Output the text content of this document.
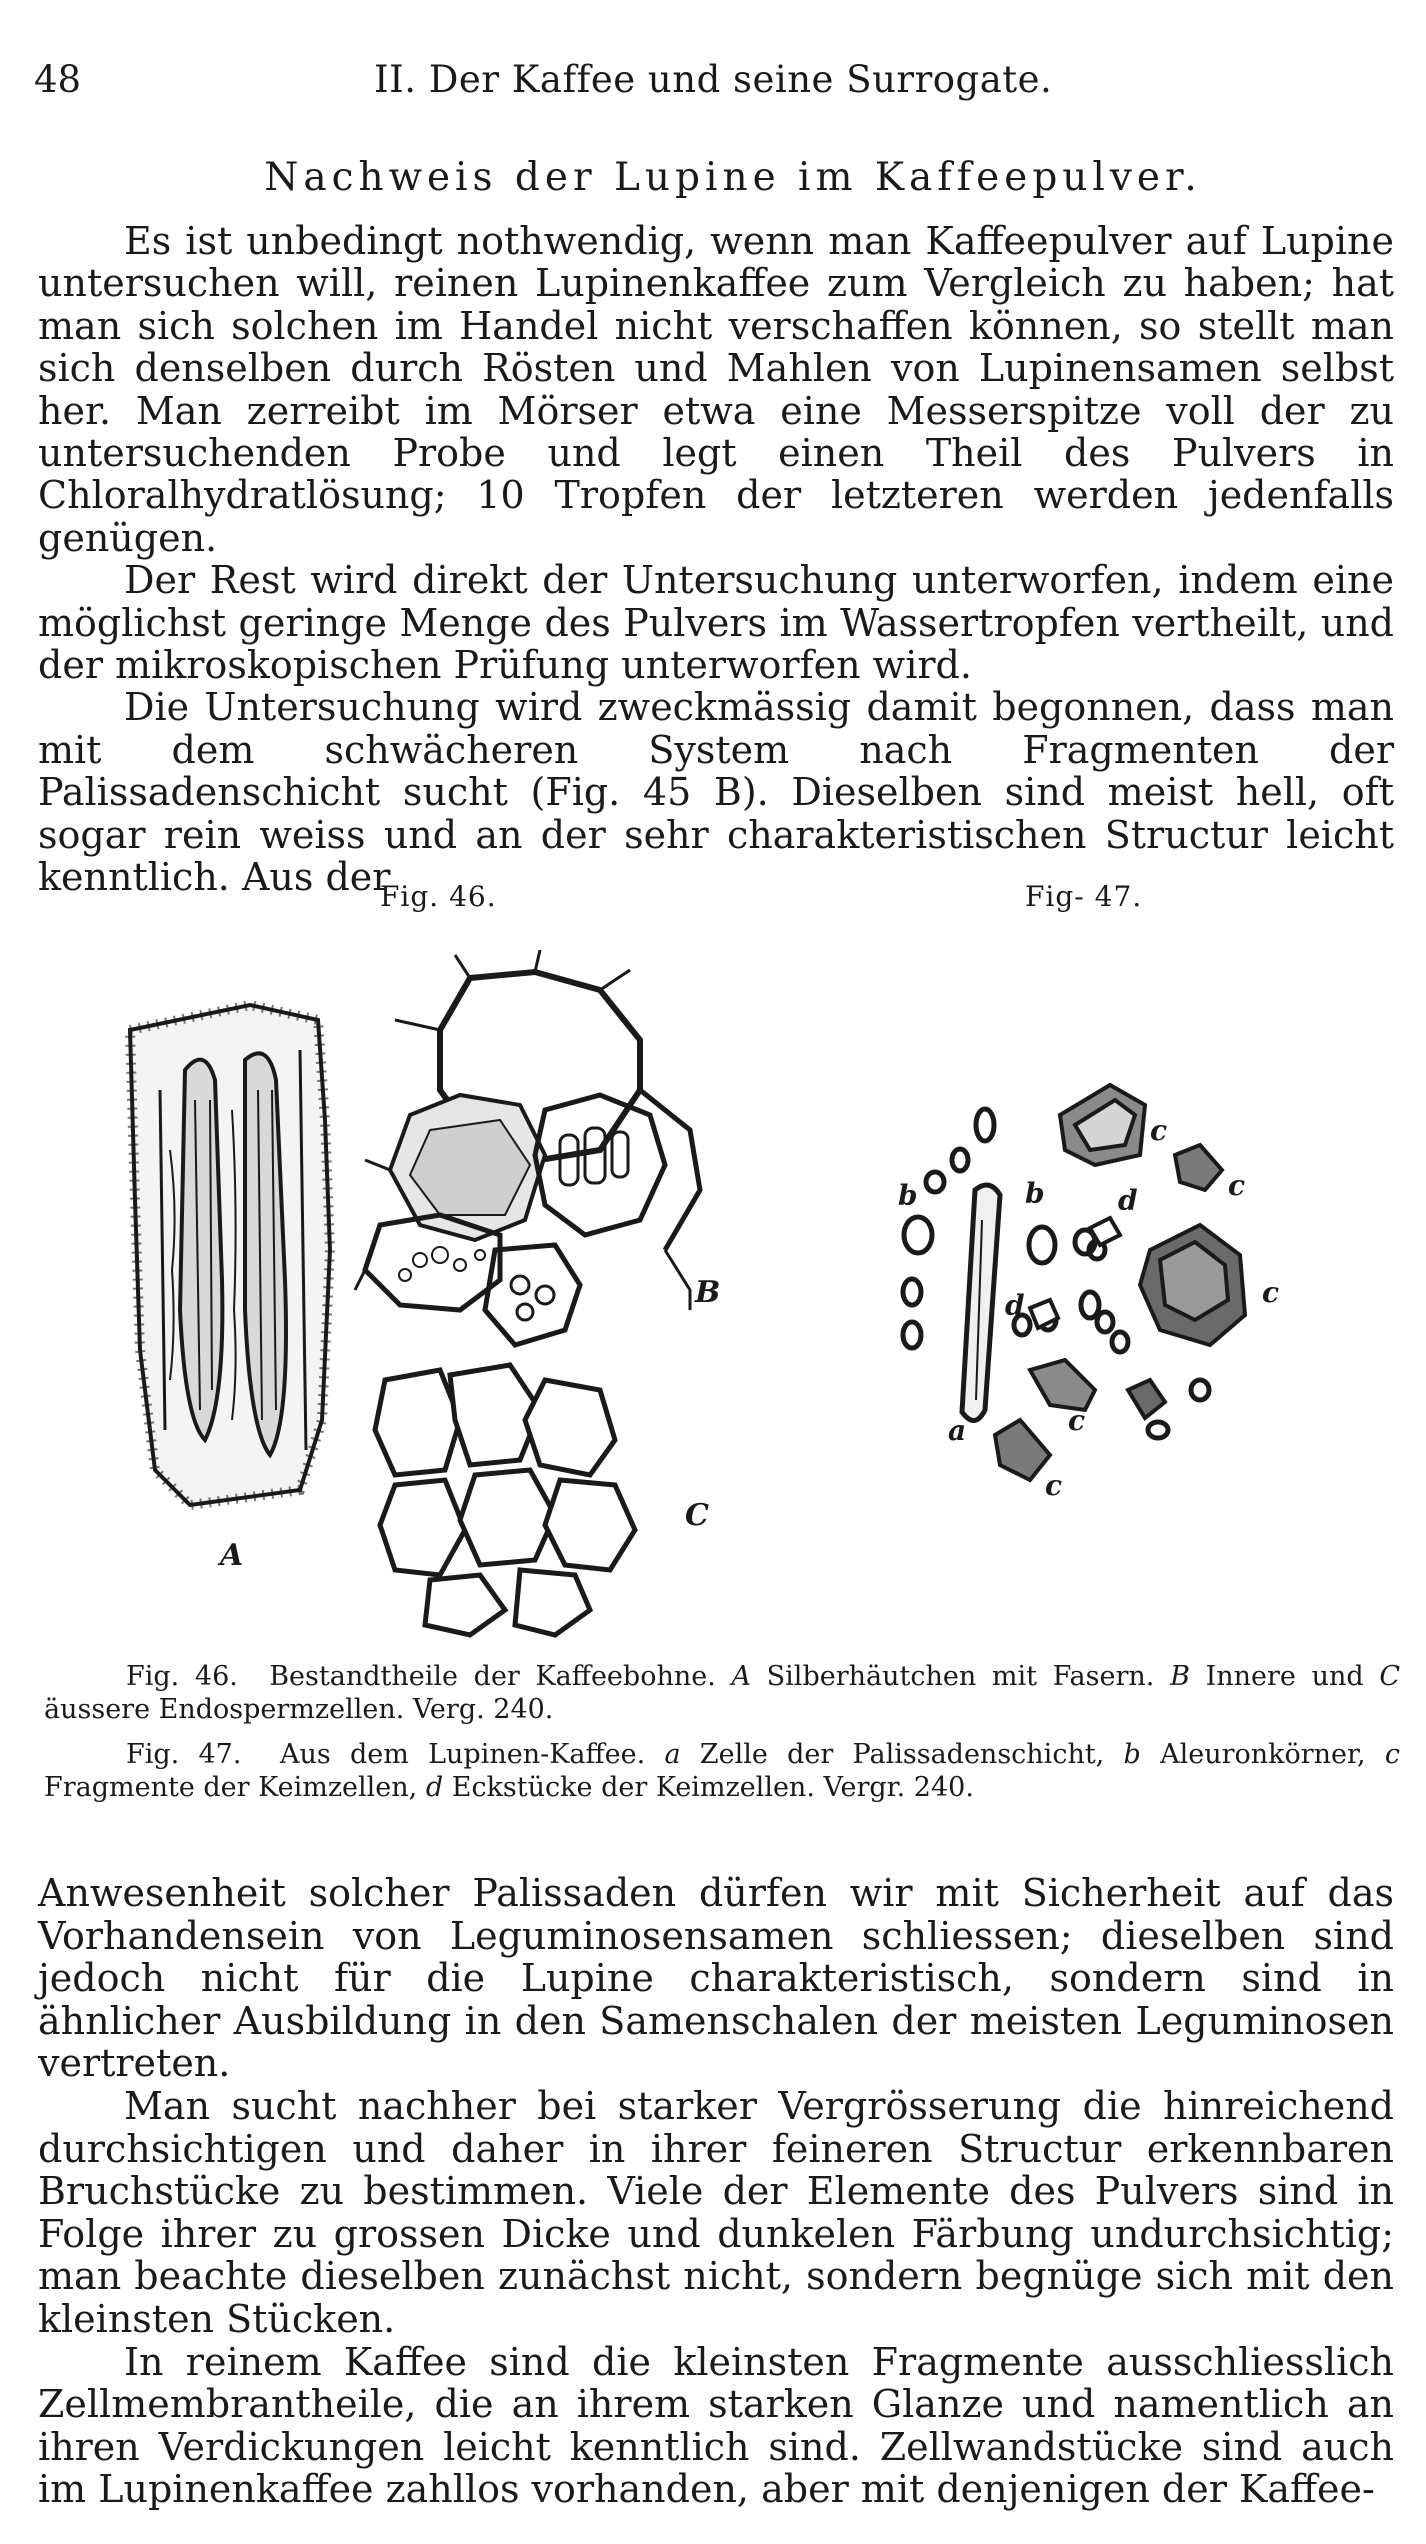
48	II. Der Kaffee und seine Surrogate.
Nachweis der Lupine im Kaffeepulver.

Es ist unbedingt nothwendig, wenn man Kaffeepulver auf Lupine untersuchen will, reinen Lupinenkaffee zum Vergleich zu haben; hat man sich solchen im Handel nicht verschaffen können, so stellt man sich denselben durch Rösten und Mahlen von Lupinensamen selbst her. Man zerreibt im Mörser etwa eine Messerspitze voll der zu untersuchenden Probe und legt einen Theil des Pulvers in Chloralhydratlösung; 10 Tropfen der letzteren werden jedenfalls genügen.

Der Rest wird direkt der Untersuchung unterworfen, indem eine möglichst geringe Menge des Pulvers im Wassertropfen vertheilt, und der mikroskopischen Prüfung unterworfen wird.

Die Untersuchung wird zweckmässig damit begonnen, dass man mit dem schwächeren System nach Fragmenten der Palissadenschicht sucht (Fig. 45 B). Dieselben sind meist hell, oft sogar rein weiss und an der sehr charakteristischen Structur leicht kenntlich. Aus der

Fig. 46.	Fig- 47.
A
B
C
a
b	b
c
c
c
c
c
d
d

Fig. 46. Bestandtheile der Kaffeebohne. A Silberhäutchen mit Fasern. B Innere und C äussere Endospermzellen. Verg. 240.

Fig. 47. Aus dem Lupinen-Kaffee. a Zelle der Palissadenschicht, b Aleuronkörner, c Fragmente der Keimzellen, d Eckstücke der Keimzellen. Vergr. 240.

Anwesenheit solcher Palissaden dürfen wir mit Sicherheit auf das Vorhandensein von Leguminosensamen schliessen; dieselben sind jedoch nicht für die Lupine charakteristisch, sondern sind in ähnlicher Ausbildung in den Samenschalen der meisten Leguminosen vertreten.

Man sucht nachher bei starker Vergrösserung die hinreichend durchsichtigen und daher in ihrer feineren Structur erkennbaren Bruchstücke zu bestimmen. Viele der Elemente des Pulvers sind in Folge ihrer zu grossen Dicke und dunkelen Färbung undurchsichtig; man beachte dieselben zunächst nicht, sondern begnüge sich mit den kleinsten Stücken.

In reinem Kaffee sind die kleinsten Fragmente ausschliesslich Zellmembrantheile, die an ihrem starken Glanze und namentlich an ihren Verdickungen leicht kenntlich sind. Zellwandstücke sind auch im Lupinenkaffee zahllos vorhanden, aber mit denjenigen der Kaffee-
